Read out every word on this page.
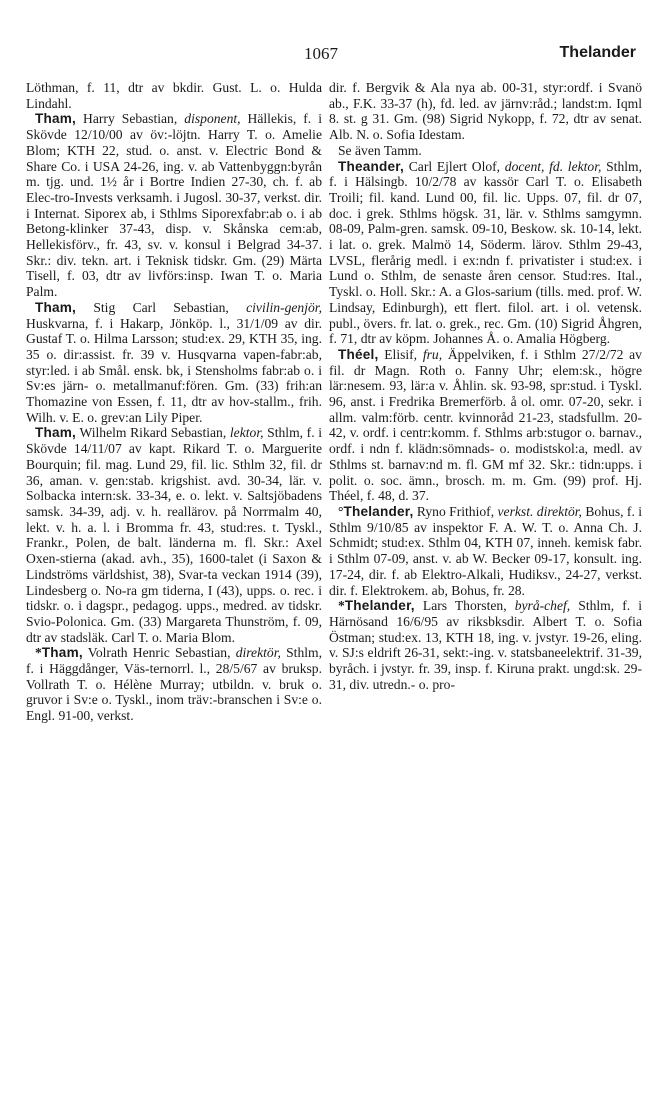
1067	Thelander

Löthman, f. 11, dtr av bkdir. Gust. L. o. Hulda Lindahl.

Tham, Harry Sebastian, disponent, Hällekis, f. i Skövde 12/10/00 av öv:-löjtn. Harry T. o. Amelie Blom; KTH 22, stud. o. anst. v. Electric Bond & Share Co. i USA 24-26, ing. v. ab Vattenbyggn:byrån m. tjg. und. 1½ år i Bortre Indien 27-30, ch. f. ab Elec-tro-Invests verksamh. i Jugosl. 30-37, verkst. dir. i Internat. Siporex ab, i Sthlms Siporexfabr:ab o. i ab Betong-klinker 37-43, disp. v. Skånska cem:ab, Hellekisförv., fr. 43, sv. v. konsul i Belgrad 34-37. Skr.: div. tekn. art. i Teknisk tidskr. Gm. (29) Märta Tisell, f. 03, dtr av livförs:insp. Iwan T. o. Maria Palm.

Tham, Stig Carl Sebastian, civilin-genjör, Huskvarna, f. i Hakarp, Jönköp. l., 31/1/09 av dir. Gustaf T. o. Hilma Larsson; stud:ex. 29, KTH 35, ing. 35 o. dir:assist. fr. 39 v. Husqvarna vapen-fabr:ab, styr:led. i ab Smål. ensk. bk, i Stensholms fabr:ab o. i Sv:es järn- o. metallmanuf:fören. Gm. (33) frih:an Thomazine von Essen, f. 11, dtr av hov-stallm., frih. Wilh. v. E. o. grev:an Lily Piper.

Tham, Wilhelm Rikard Sebastian, lektor, Sthlm, f. i Skövde 14/11/07 av kapt. Rikard T. o. Marguerite Bourquin; fil. mag. Lund 29, fil. lic. Sthlm 32, fil. dr 36, aman. v. gen:stab. krigshist. avd. 30-34, lär. v. Solbacka intern:sk. 33-34, e. o. lekt. v. Saltsjöbadens samsk. 34-39, adj. v. h. reallärov. på Norrmalm 40, lekt. v. h. a. l. i Bromma fr. 43, stud:res. t. Tyskl., Frankr., Polen, de balt. länderna m. fl. Skr.: Axel Oxen-stierna (akad. avh., 35), 1600-talet (i Saxon & Lindströms världshist, 38), Svar-ta veckan 1914 (39), Lindesberg o. No-ra gm tiderna, I (43), upps. o. rec. i tidskr. o. i dagspr., pedagog. upps., medred. av tidskr. Svio-Polonica. Gm. (33) Margareta Thunström, f. 09, dtr av stadsläk. Carl T. o. Maria Blom.

*Tham, Volrath Henric Sebastian, direktör, Sthlm, f. i Häggdånger, Väs-ternorrl. l., 28/5/67 av bruksp. Vollrath T. o. Hélène Murray; utbildn. v. bruk o. gruvor i Sv:e o. Tyskl., inom träv:-branschen i Sv:e o. Engl. 91-00, verkst.

dir. f. Bergvik & Ala nya ab. 00-31, styr:ordf. i Svanö ab., F.K. 33-37 (h), fd. led. av järnv:råd.; landst:m. Iqml 8. st. g 31. Gm. (98) Sigrid Nykopp, f. 72, dtr av senat. Alb. N. o. Sofia Idestam.

Se även Tamm.

Theander, Carl Ejlert Olof, docent, fd. lektor, Sthlm, f. i Hälsingb. 10/2/78 av kassör Carl T. o. Elisabeth Troili; fil. kand. Lund 00, fil. lic. Upps. 07, fil. dr 07, doc. i grek. Sthlms högsk. 31, lär. v. Sthlms samgymn. 08-09, Palm-gren. samsk. 09-10, Beskow. sk. 10-14, lekt. i lat. o. grek. Malmö 14, Söderm. lärov. Sthlm 29-43, LVSL, flerårig medl. i ex:ndn f. privatister i stud:ex. i Lund o. Sthlm, de senaste åren censor. Stud:res. Ital., Tyskl. o. Holl. Skr.: A. a Glos-sarium (tills. med. prof. W. Lindsay, Edinburgh), ett flert. filol. art. i ol. vetensk. publ., övers. fr. lat. o. grek., rec. Gm. (10) Sigrid Åhgren, f. 71, dtr av köpm. Johannes Å. o. Amalia Högberg.

Théel, Elisif, fru, Äppelviken, f. i Sthlm 27/2/72 av fil. dr Magn. Roth o. Fanny Uhr; elem:sk., högre lär:nesem. 93, lär:a v. Åhlin. sk. 93-98, spr:stud. i Tyskl. 96, anst. i Fredrika Bremerförb. å ol. omr. 07-20, sekr. i allm. valm:förb. centr. kvinnoråd 21-23, stadsfullm. 20-42, v. ordf. i centr:komm. f. Sthlms arb:stugor o. barnav., ordf. i ndn f. klädn:sömnads- o. modistskol:a, medl. av Sthlms st. barnav:nd m. fl. GM mf 32. Skr.: tidn:upps. i polit. o. soc. ämn., brosch. m. m. Gm. (99) prof. Hj. Théel, f. 48, d. 37.

°Thelander, Ryno Frithiof, verkst. direktör, Bohus, f. i Sthlm 9/10/85 av inspektor F. A. W. T. o. Anna Ch. J. Schmidt; stud:ex. Sthlm 04, KTH 07, inneh. kemisk fabr. i Sthlm 07-09, anst. v. ab W. Becker 09-17, konsult. ing. 17-24, dir. f. ab Elektro-Alkali, Hudiksv., 24-27, verkst. dir. f. Elektrokem. ab, Bohus, fr. 28.

*Thelander, Lars Thorsten, byrå-chef, Sthlm, f. i Härnösand 16/6/95 av riksbksdir. Albert T. o. Sofia Östman; stud:ex. 13, KTH 18, ing. v. jvstyr. 19-26, eling. v. SJ:s eldrift 26-31, sekt:-ing. v. statsbaneelektrif. 31-39, byråch. i jvstyr. fr. 39, insp. f. Kiruna prakt. ungd:sk. 29-31, div. utredn.- o. pro-
